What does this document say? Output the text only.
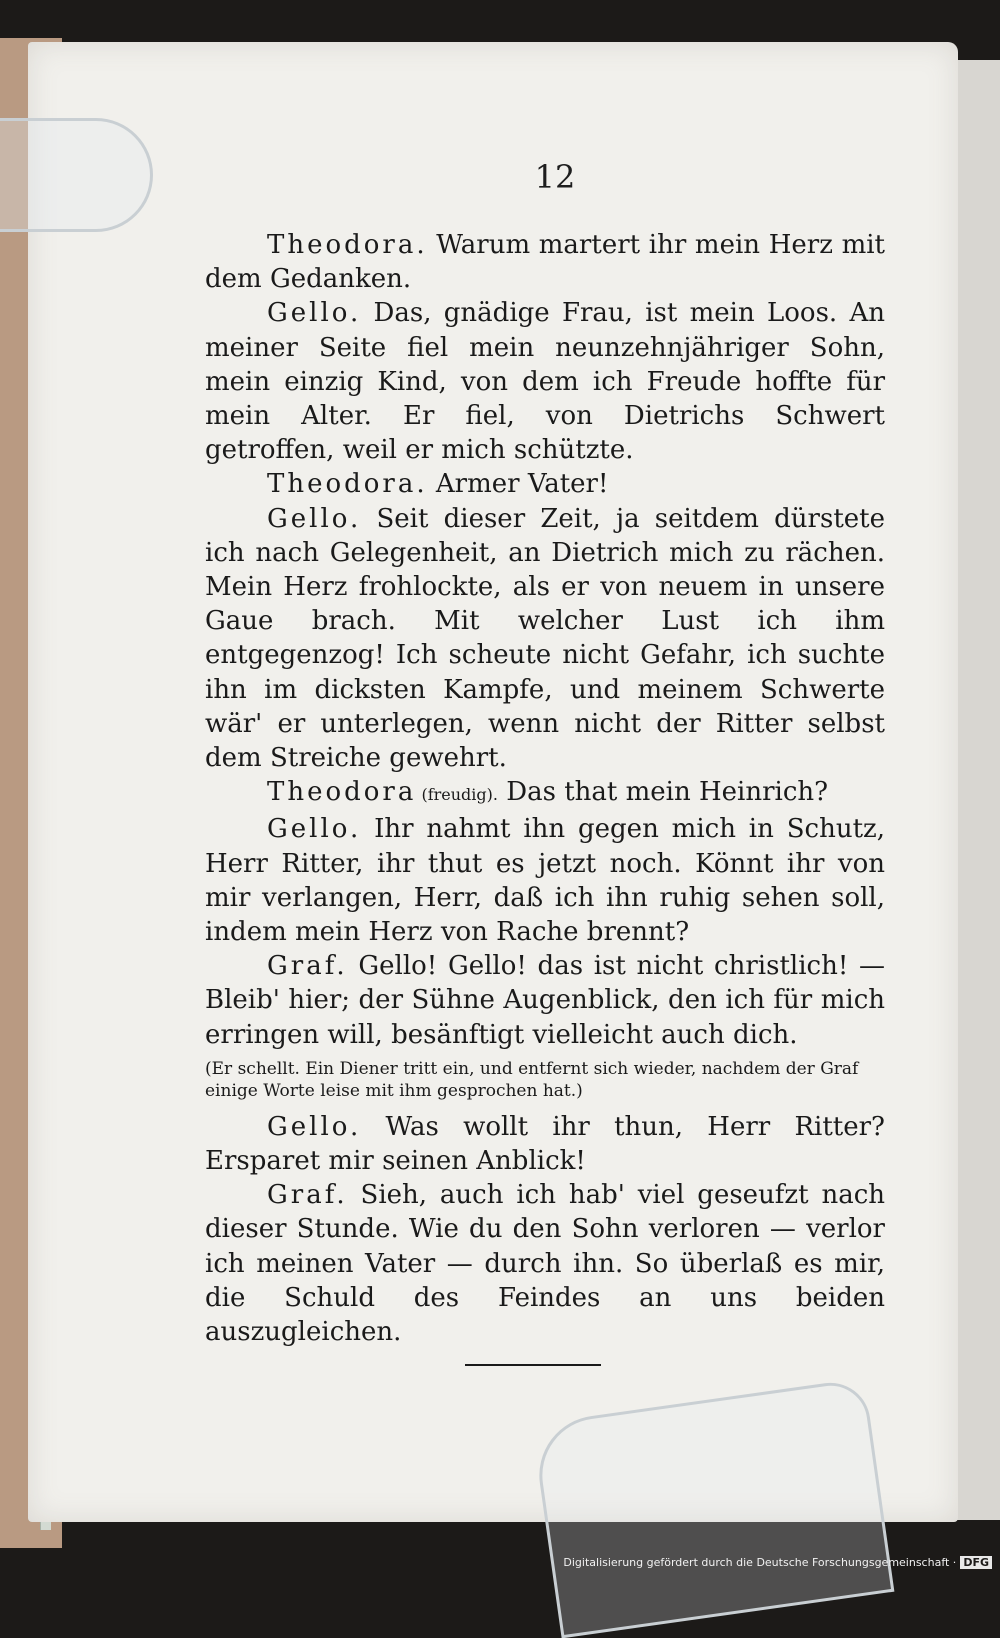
12

Theodora. Warum martert ihr mein Herz mit dem Gedanken.

Gello. Das, gnädige Frau, ist mein Loos. An meiner Seite fiel mein neunzehnjähriger Sohn, mein einzig Kind, von dem ich Freude hoffte für mein Alter. Er fiel, von Dietrichs Schwert getroffen, weil er mich schützte.

Theodora. Armer Vater!

Gello. Seit dieser Zeit, ja seitdem dürstete ich nach Gelegenheit, an Dietrich mich zu rächen. Mein Herz frohlockte, als er von neuem in unsere Gaue brach. Mit welcher Lust ich ihm entgegenzog! Ich scheute nicht Gefahr, ich suchte ihn im dicksten Kampfe, und meinem Schwerte wär' er unterlegen, wenn nicht der Ritter selbst dem Streiche gewehrt.

Theodora (freudig). Das that mein Heinrich?

Gello. Ihr nahmt ihn gegen mich in Schutz, Herr Ritter, ihr thut es jetzt noch. Könnt ihr von mir verlangen, Herr, daß ich ihn ruhig sehen soll, indem mein Herz von Rache brennt?

Graf. Gello! Gello! das ist nicht christlich! — Bleib' hier; der Sühne Augenblick, den ich für mich erringen will, besänftigt vielleicht auch dich.

(Er schellt. Ein Diener tritt ein, und entfernt sich wieder, nachdem der Graf einige Worte leise mit ihm gesprochen hat.)

Gello. Was wollt ihr thun, Herr Ritter? Ersparet mir seinen Anblick!

Graf. Sieh, auch ich hab' viel geseufzt nach dieser Stunde. Wie du den Sohn verloren — verlor ich meinen Vater — durch ihn. So überlaß es mir, die Schuld des Feindes an uns beiden auszugleichen.

Digitalisierung gefördert durch die Deutsche Forschungsgemeinschaft · DFG
